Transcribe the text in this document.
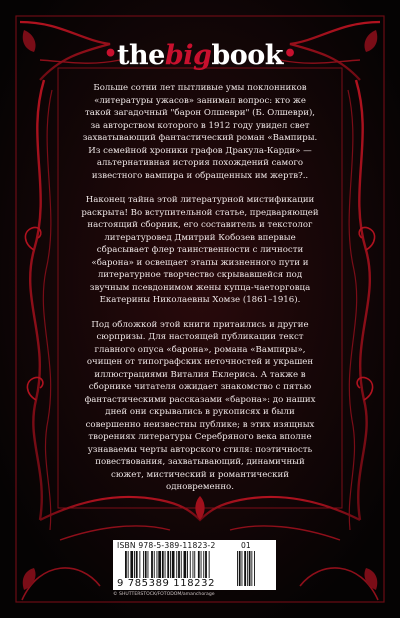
•thebigbook•

Больше сотни лет пытливые умы поклонников «литературы ужасов» занимал вопрос: кто же такой загадочный "барон Олшеври" (Б. Олшеври), за авторством которого в 1912 году увидел свет захватывающий фантастический роман «Вампиры. Из семейной хроники графов Дракула-Карди» — альтернативная история похождений самого известного вампира и обращенных им жертв?..

Наконец тайна этой литературной мистификации раскрыта! Во вступительной статье, предваряющей настоящий сборник, его составитель и текстолог литературовед Дмитрий Кобозев впервые сбрасывает флер таинственности с личности «барона» и освещает этапы жизненного пути и литературное творчество скрывавшейся под звучным псевдонимом жены купца-чаеторговца Екатерины Николаевны Хомзе (1861–1916).

Под обложкой этой книги притаились и другие сюрпризы. Для настоящей публикации текст главного опуса «барона», романа «Вампиры», очищен от типографских неточностей и украшен иллюстрациями Виталия Еклериса. А также в сборнике читателя ожидает знакомство с пятью фантастическими рассказами «барона»: до наших дней они скрывались в рукописях и были совершенно неизвестны публике; в этих изящных творениях литературы Серебряного века вполне узнаваемы черты авторского стиля: поэтичность повествования, захватывающий, динамичный сюжет, мистический и романтический одновременно.

ISBN 978-5-389-11823-2	01
9 785389 118232
© SHUTTERSTOCK/FOTODOM/amanchorage
